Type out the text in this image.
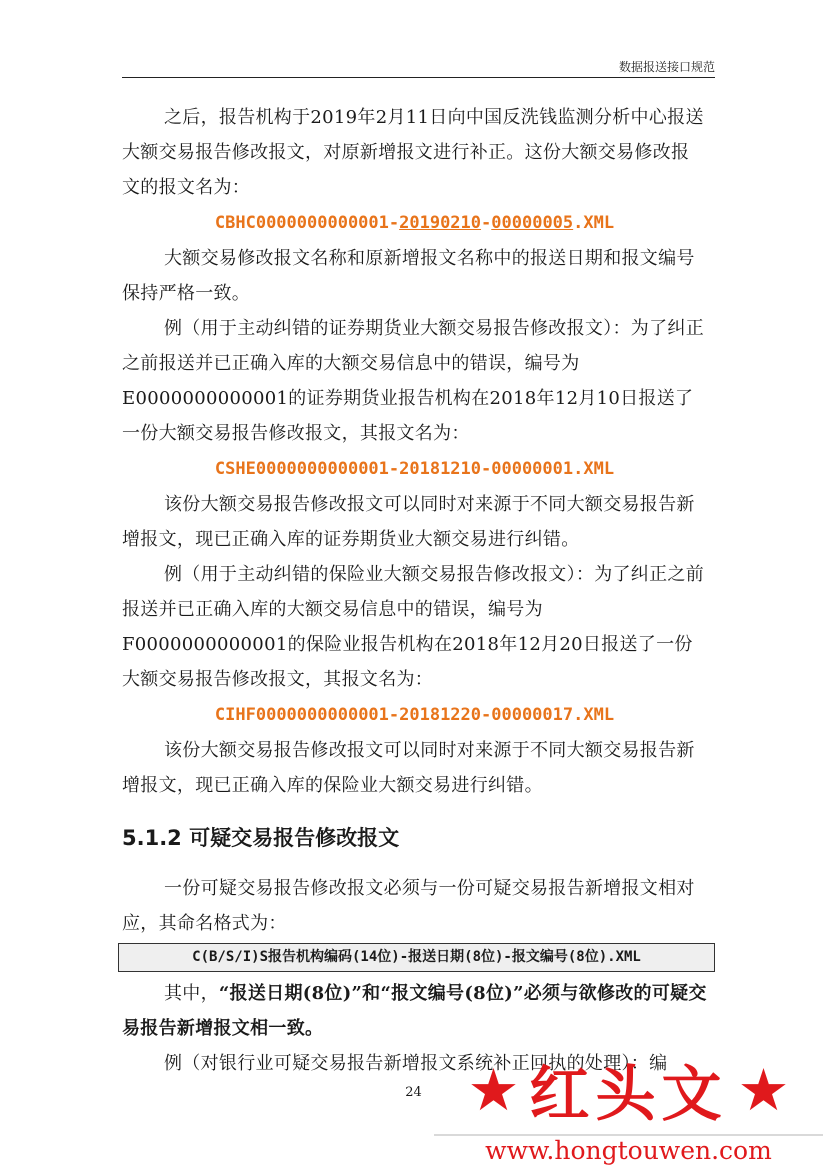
数据报送接口规范

之后，报告机构于2019年2月11日向中国反洗钱监测分析中心报送大额交易报告修改报文，对原新增报文进行补正。这份大额交易修改报文的报文名为：

CBHC0000000000001-20190210-00000005.XML

大额交易修改报文名称和原新增报文名称中的报送日期和报文编号保持严格一致。

例（用于主动纠错的证券期货业大额交易报告修改报文）：为了纠正之前报送并已正确入库的大额交易信息中的错误，编号为E0000000000001的证券期货业报告机构在2018年12月10日报送了一份大额交易报告修改报文，其报文名为：

CSHE0000000000001-20181210-00000001.XML

该份大额交易报告修改报文可以同时对来源于不同大额交易报告新增报文，现已正确入库的证券期货业大额交易进行纠错。

例（用于主动纠错的保险业大额交易报告修改报文）：为了纠正之前报送并已正确入库的大额交易信息中的错误，编号为F0000000000001的保险业报告机构在2018年12月20日报送了一份大额交易报告修改报文，其报文名为：

CIHF0000000000001-20181220-00000017.XML

该份大额交易报告修改报文可以同时对来源于不同大额交易报告新增报文，现已正确入库的保险业大额交易进行纠错。

5.1.2 可疑交易报告修改报文

一份可疑交易报告修改报文必须与一份可疑交易报告新增报文相对应，其命名格式为：

C(B/S/I)S报告机构编码(14位)-报送日期(8位)-报文编号(8位).XML

其中，“报送日期(8位)”和“报文编号(8位)”必须与欲修改的可疑交易报告新增报文相一致。

例（对银行业可疑交易报告新增报文系统补正回执的处理）：编

24 ★ 红头文 ★
www.hongtouwen.com
